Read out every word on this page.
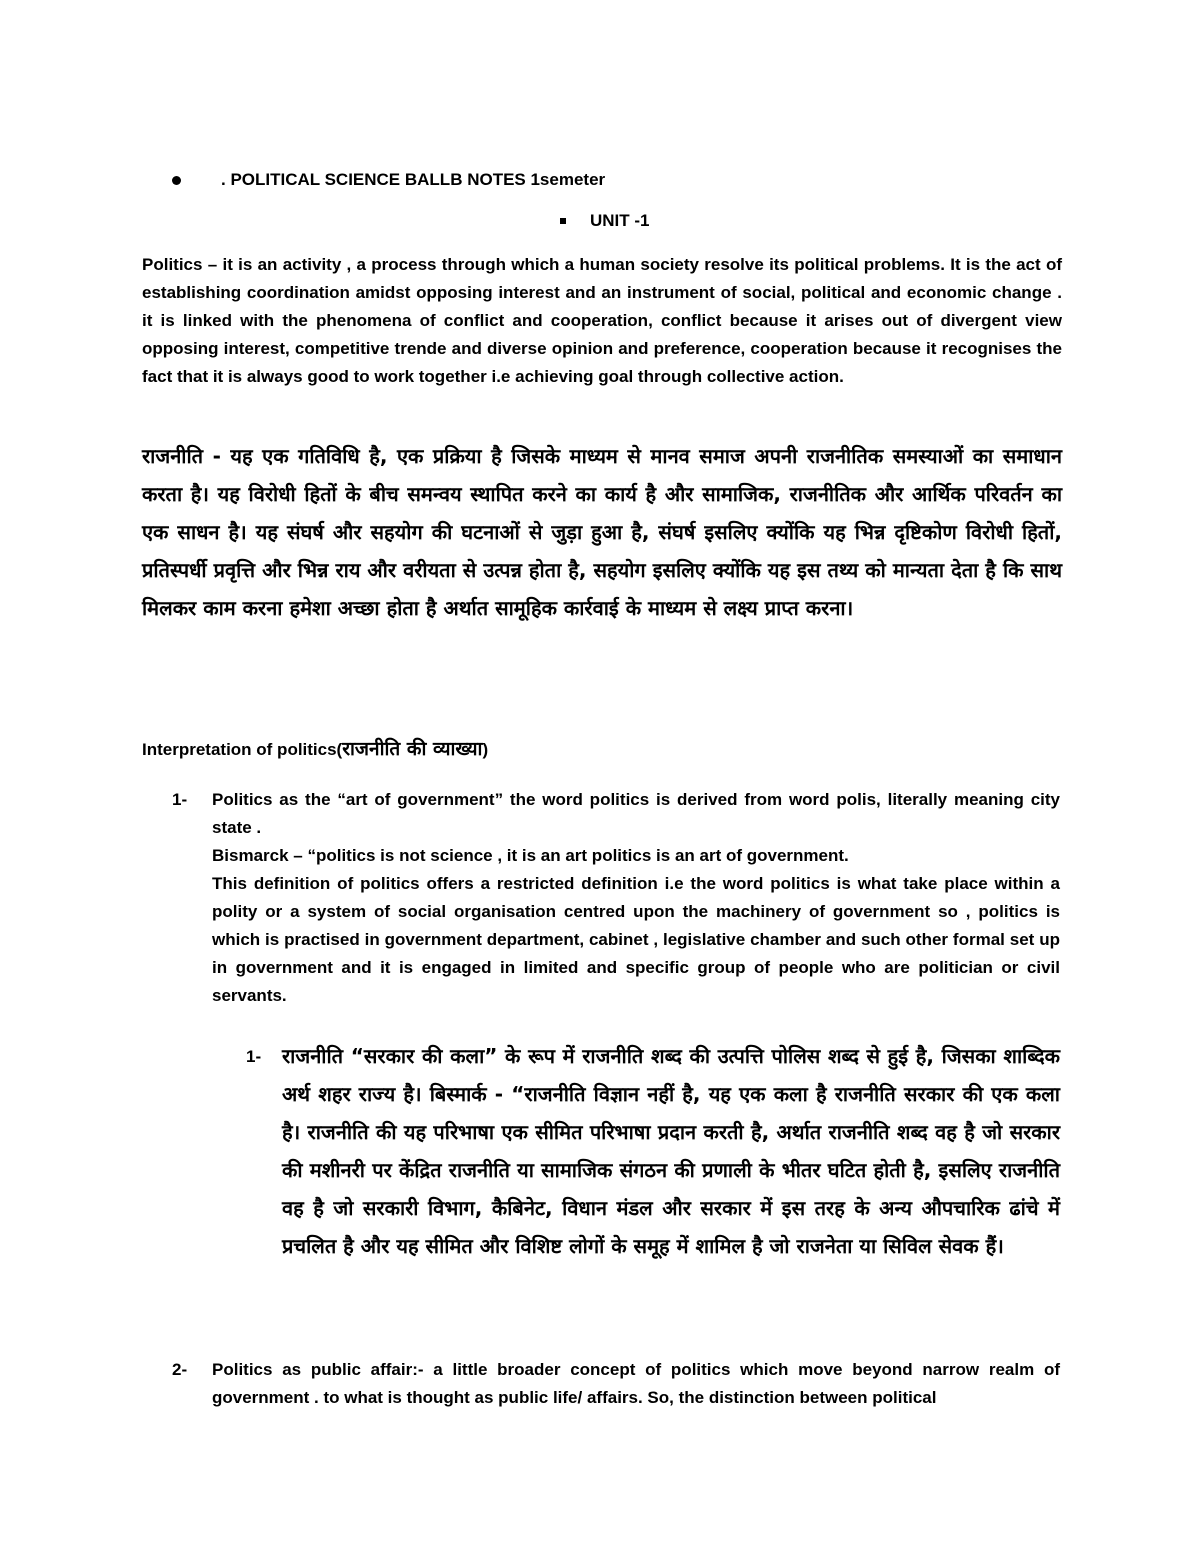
. POLITICAL SCIENCE BALLB NOTES 1semeter
UNIT -1
Politics – it is an activity , a process through which a human society resolve its political problems. It is the act of establishing coordination amidst opposing interest and an instrument of social, political and economic change . it is linked with the phenomena of conflict and cooperation, conflict because it arises out of divergent view opposing interest, competitive trende and diverse opinion and preference, cooperation because it recognises the fact that it is always good to work together i.e achieving goal through collective action.
राजनीति - यह एक गतिविधि है, एक प्रक्रिया है जिसके माध्यम से मानव समाज अपनी राजनीतिक समस्याओं का समाधान करता है। यह विरोधी हितों के बीच समन्वय स्थापित करने का कार्य है और सामाजिक, राजनीतिक और आर्थिक परिवर्तन का एक साधन है। यह संघर्ष और सहयोग की घटनाओं से जुड़ा हुआ है, संघर्ष इसलिए क्योंकि यह भिन्न दृष्टिकोण विरोधी हितों, प्रतिस्पर्धी प्रवृत्ति और भिन्न राय और वरीयता से उत्पन्न होता है, सहयोग इसलिए क्योंकि यह इस तथ्य को मान्यता देता है कि साथ मिलकर काम करना हमेशा अच्छा होता है अर्थात सामूहिक कार्रवाई के माध्यम से लक्ष्य प्राप्त करना।
Interpretation of politics(राजनीति की व्याख्या)
1- Politics as the “art of government” the word politics is derived from word polis, literally meaning city state .

Bismarck – “politics is not science , it is an art politics is an art of government.

This definition of politics offers a restricted definition i.e the word politics is what take place within a polity or a system of social organisation centred upon the machinery of government so , politics is which is practised in government department, cabinet , legislative chamber and such other formal set up in government and it is engaged in limited and specific group of people who are politician or civil servants.

1- राजनीति “सरकार की कला” के रूप में राजनीति शब्द की उत्पत्ति पोलिस शब्द से हुई है, जिसका शाब्दिक अर्थ शहर राज्य है। बिस्मार्क - “राजनीति विज्ञान नहीं है, यह एक कला है राजनीति सरकार की एक कला है। राजनीति की यह परिभाषा एक सीमित परिभाषा प्रदान करती है, अर्थात राजनीति शब्द वह है जो सरकार की मशीनरी पर केंद्रित राजनीति या सामाजिक संगठन की प्रणाली के भीतर घटित होती है, इसलिए राजनीति वह है जो सरकारी विभाग, कैबिनेट, विधान मंडल और सरकार में इस तरह के अन्य औपचारिक ढांचे में प्रचलित है और यह सीमित और विशिष्ट लोगों के समूह में शामिल है जो राजनेता या सिविल सेवक हैं।
2- Politics as public affair:- a little broader concept of politics which move beyond narrow realm of government . to what is thought as public life/ affairs. So, the distinction between political
